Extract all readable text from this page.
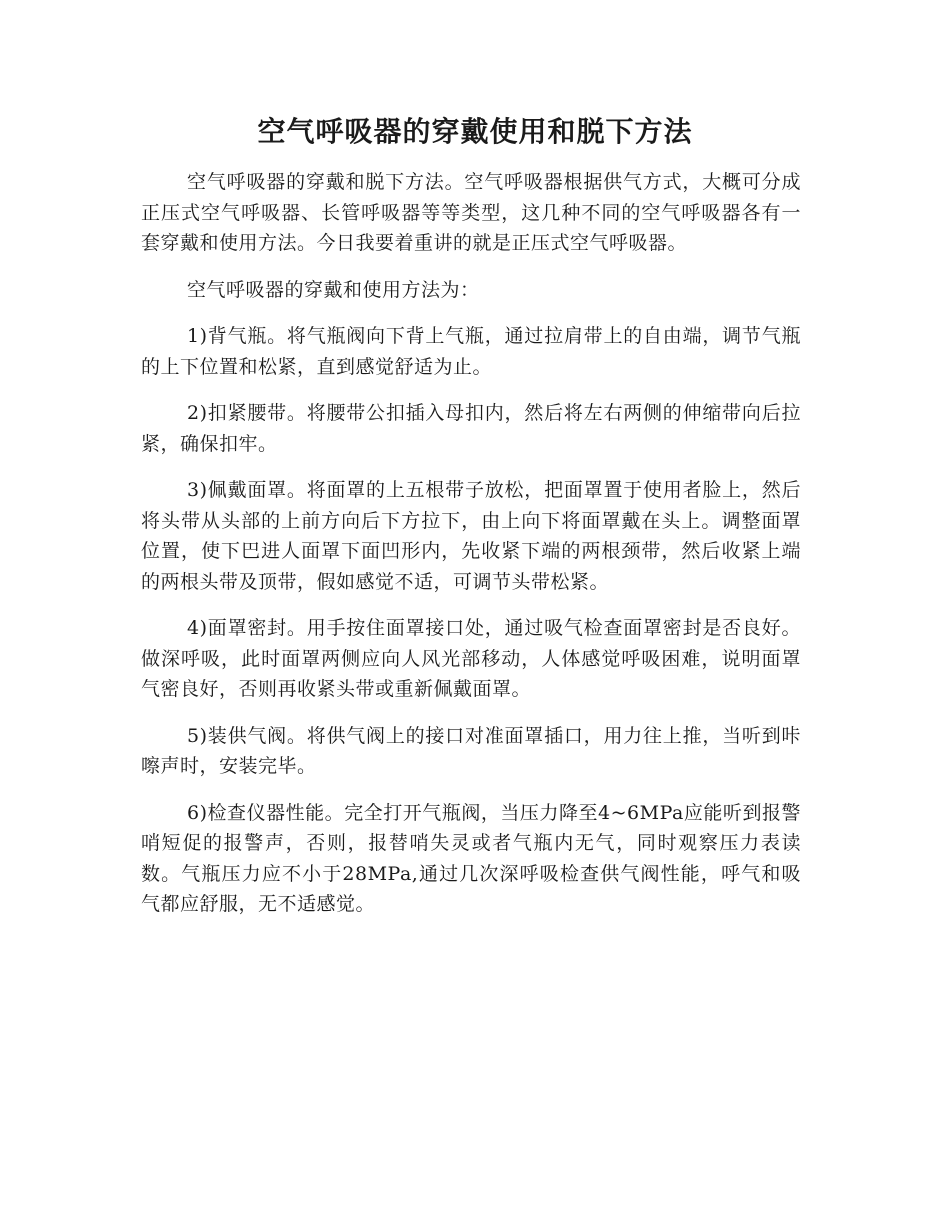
空气呼吸器的穿戴使用和脱下方法

空气呼吸器的穿戴和脱下方法。空气呼吸器根据供气方式，大概可分成正压式空气呼吸器、长管呼吸器等等类型，这几种不同的空气呼吸器各有一套穿戴和使用方法。今日我要着重讲的就是正压式空气呼吸器。

空气呼吸器的穿戴和使用方法为：

1)背气瓶。将气瓶阀向下背上气瓶，通过拉肩带上的自由端，调节气瓶的上下位置和松紧，直到感觉舒适为止。

2)扣紧腰带。将腰带公扣插入母扣内，然后将左右两侧的伸缩带向后拉紧，确保扣牢。

3)佩戴面罩。将面罩的上五根带子放松，把面罩置于使用者脸上，然后将头带从头部的上前方向后下方拉下，由上向下将面罩戴在头上。调整面罩位置，使下巴进人面罩下面凹形内，先收紧下端的两根颈带，然后收紧上端的两根头带及顶带，假如感觉不适，可调节头带松紧。

4)面罩密封。用手按住面罩接口处，通过吸气检查面罩密封是否良好。做深呼吸，此时面罩两侧应向人风光部移动，人体感觉呼吸困难，说明面罩气密良好，否则再收紧头带或重新佩戴面罩。

5)装供气阀。将供气阀上的接口对准面罩插口，用力往上推，当听到咔嚓声时，安装完毕。

6)检查仪器性能。完全打开气瓶阀，当压力降至4~6MPa应能听到报警哨短促的报警声，否则，报替哨失灵或者气瓶内无气，同时观察压力表读数。气瓶压力应不小于28MPa,通过几次深呼吸检查供气阀性能，呼气和吸气都应舒服，无不适感觉。
